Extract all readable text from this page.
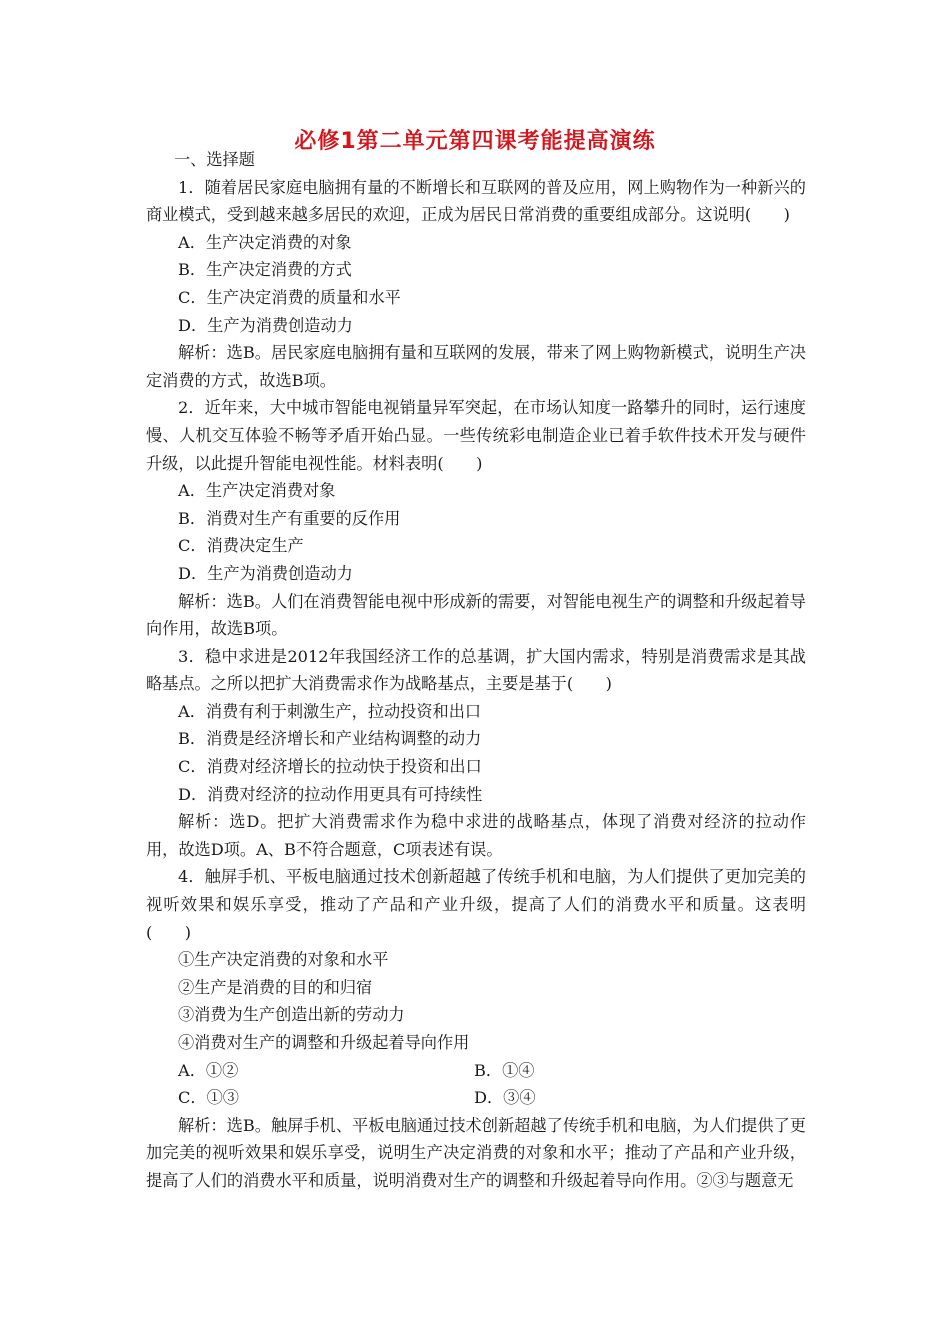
必修1第二单元第四课考能提高演练

一、选择题

1．随着居民家庭电脑拥有量的不断增长和互联网的普及应用，网上购物作为一种新兴的商业模式，受到越来越多居民的欢迎，正成为居民日常消费的重要组成部分。这说明(　　)

A．生产决定消费的对象

B．生产决定消费的方式

C．生产决定消费的质量和水平

D．生产为消费创造动力

解析：选B。居民家庭电脑拥有量和互联网的发展，带来了网上购物新模式，说明生产决定消费的方式，故选B项。

2．近年来，大中城市智能电视销量异军突起，在市场认知度一路攀升的同时，运行速度慢、人机交互体验不畅等矛盾开始凸显。一些传统彩电制造企业已着手软件技术开发与硬件升级，以此提升智能电视性能。材料表明(　　)

A．生产决定消费对象

B．消费对生产有重要的反作用

C．消费决定生产

D．生产为消费创造动力

解析：选B。人们在消费智能电视中形成新的需要，对智能电视生产的调整和升级起着导向作用，故选B项。

3．稳中求进是2012年我国经济工作的总基调，扩大国内需求，特别是消费需求是其战略基点。之所以把扩大消费需求作为战略基点，主要是基于(　　)

A．消费有利于刺激生产，拉动投资和出口

B．消费是经济增长和产业结构调整的动力

C．消费对经济增长的拉动快于投资和出口

D．消费对经济的拉动作用更具有可持续性

解析：选D。把扩大消费需求作为稳中求进的战略基点，体现了消费对经济的拉动作用，故选D项。A、B不符合题意，C项表述有误。

4．触屏手机、平板电脑通过技术创新超越了传统手机和电脑，为人们提供了更加完美的视听效果和娱乐享受，推动了产品和产业升级，提高了人们的消费水平和质量。这表明(　　)

①生产决定消费的对象和水平

②生产是消费的目的和归宿

③消费为生产创造出新的劳动力

④消费对生产的调整和升级起着导向作用

A．①②	B．①④
C．①③	D．③④

解析：选B。触屏手机、平板电脑通过技术创新超越了传统手机和电脑，为人们提供了更加完美的视听效果和娱乐享受，说明生产决定消费的对象和水平；推动了产品和产业升级，提高了人们的消费水平和质量，说明消费对生产的调整和升级起着导向作用。②③与题意无
